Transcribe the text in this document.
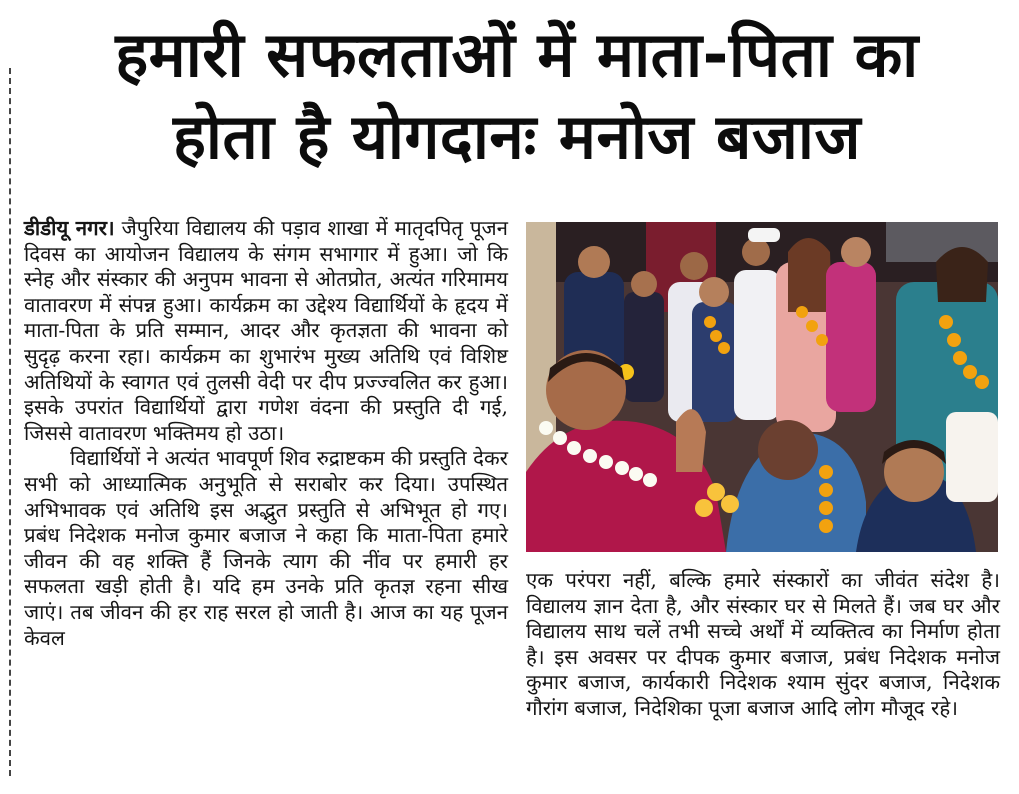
हमारी सफलताओं में माता-पिता का
होता है योगदानः मनोज बजाज

डीडीयू नगर। जैपुरिया विद्यालय की पड़ाव शाखा में मातृदपितृ पूजन दिवस का आयोजन विद्यालय के संगम सभागार में हुआ। जो कि स्नेह और संस्कार की अनुपम भावना से ओतप्रोत, अत्यंत गरिमामय वातावरण में संपन्न हुआ। कार्यक्रम का उद्देश्य विद्यार्थियों के हृदय में माता-पिता के प्रति सम्मान, आदर और कृतज्ञता की भावना को सुदृढ़ करना रहा। कार्यक्रम का शुभारंभ मुख्य अतिथि एवं विशिष्ट अतिथियों के स्वागत एवं तुलसी वेदी पर दीप प्रज्ज्वलित कर हुआ। इसके उपरांत विद्यार्थियों द्वारा गणेश वंदना की प्रस्तुति दी गई, जिससे वातावरण भक्तिमय हो उठा।

विद्यार्थियों ने अत्यंत भावपूर्ण शिव रुद्राष्टकम की प्रस्तुति देकर सभी को आध्यात्मिक अनुभूति से सराबोर कर दिया। उपस्थित अभिभावक एवं अतिथि इस अद्भुत प्रस्तुति से अभिभूत हो गए। प्रबंध निदेशक मनोज कुमार बजाज ने कहा कि माता-पिता हमारे जीवन की वह शक्ति हैं जिनके त्याग की नींव पर हमारी हर सफलता खड़ी होती है। यदि हम उनके प्रति कृतज्ञ रहना सीख जाएं। तब जीवन की हर राह सरल हो जाती है। आज का यह पूजन केवल

एक परंपरा नहीं, बल्कि हमारे संस्कारों का जीवंत संदेश है। विद्यालय ज्ञान देता है, और संस्कार घर से मिलते हैं। जब घर और विद्यालय साथ चलें तभी सच्चे अर्थों में व्यक्तित्व का निर्माण होता है। इस अवसर पर दीपक कुमार बजाज, प्रबंध निदेशक मनोज कुमार बजाज, कार्यकारी निदेशक श्याम सुंदर बजाज, निदेशक गौरांग बजाज, निदेशिका पूजा बजाज आदि लोग मौजूद रहे।
